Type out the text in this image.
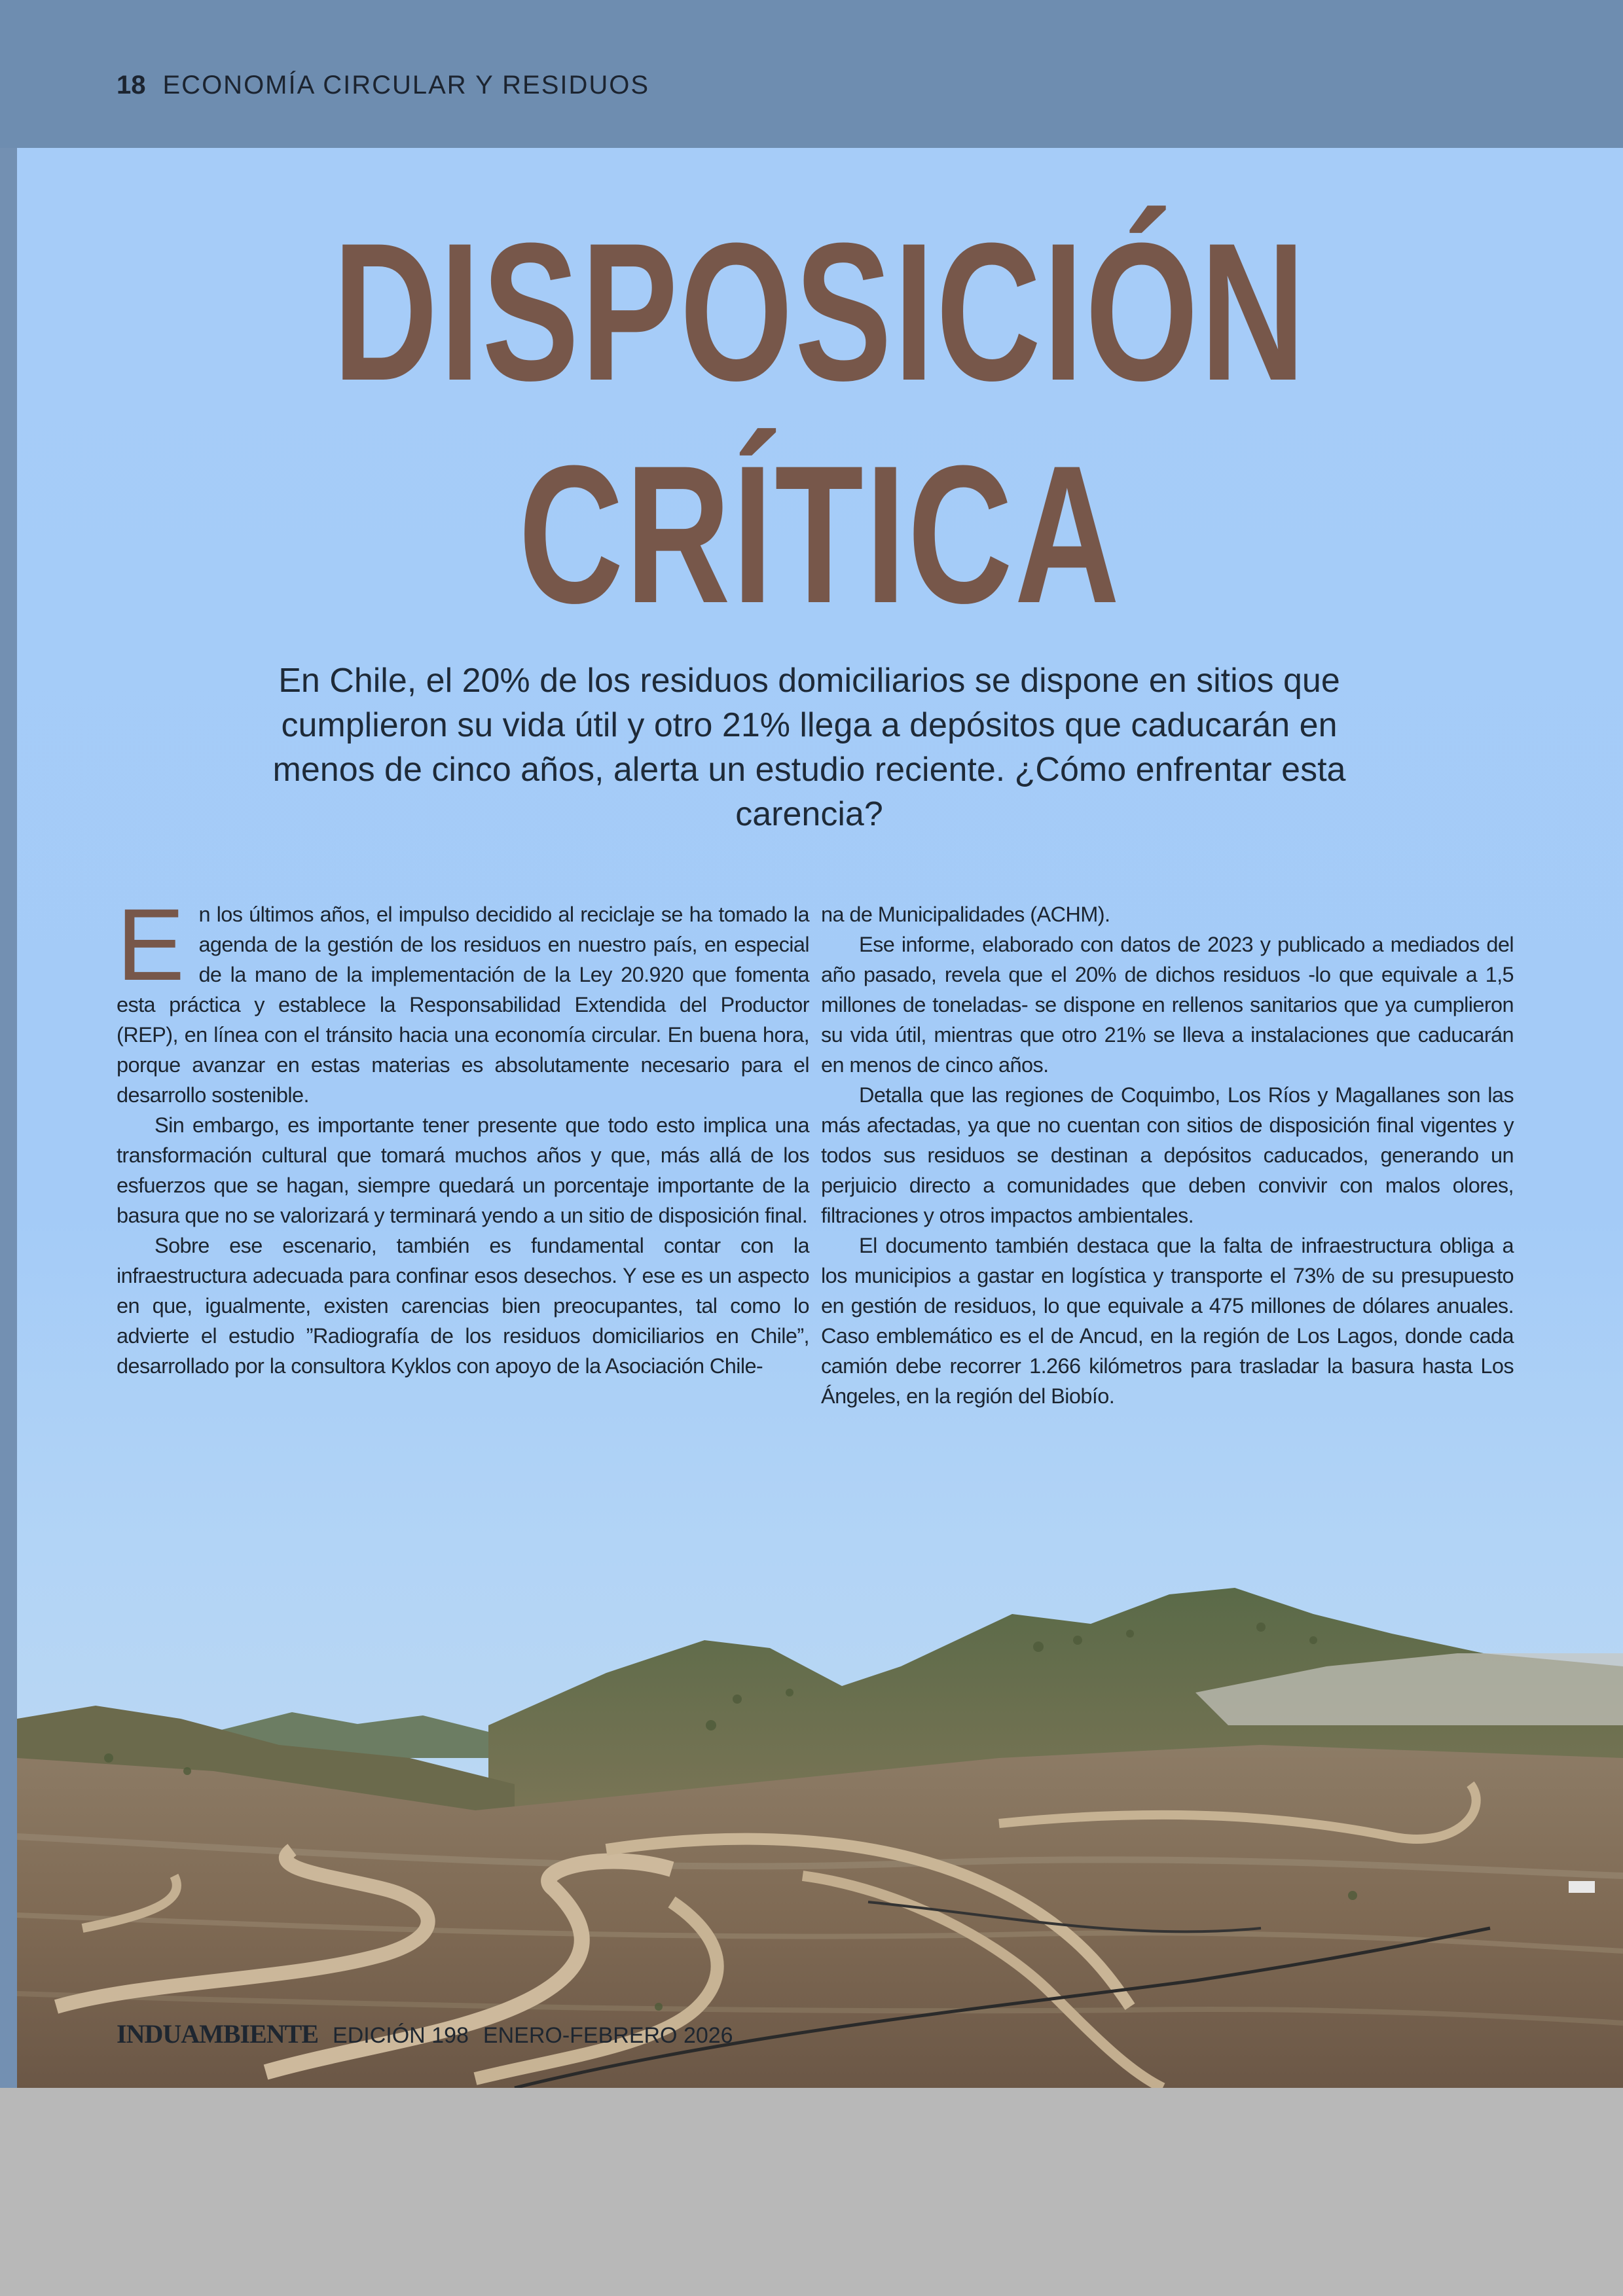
18 ECONOMÍA CIRCULAR Y RESIDUOS
DISPOSICIÓN
CRÍTICA
En Chile, el 20% de los residuos domiciliarios se dispone en sitios que cumplieron su vida útil y otro 21% llega a depósitos que caducarán en menos de cinco años, alerta un estudio reciente. ¿Cómo enfrentar esta carencia?

En los últimos años, el impulso decidido al reciclaje se ha tomado la agenda de la gestión de los residuos en nuestro país, en especial de la mano de la implementación de la Ley 20.920 que fomenta esta práctica y establece la Responsabilidad Extendida del Productor (REP), en línea con el tránsito hacia una economía circular. En buena hora, porque avanzar en estas materias es absolutamente necesario para el desarrollo sostenible.

Sin embargo, es importante tener presente que todo esto implica una transformación cultural que tomará muchos años y que, más allá de los esfuerzos que se hagan, siempre quedará un porcentaje importante de la basura que no se valorizará y terminará yendo a un sitio de disposición final.

Sobre ese escenario, también es fundamental contar con la infraestructura adecuada para confinar esos desechos. Y ese es un aspecto en que, igualmente, existen carencias bien preocupantes, tal como lo advierte el estudio ”Radiografía de los residuos domiciliarios en Chile”, desarrollado por la consultora Kyklos con apoyo de la Asociación Chile-

na de Municipalidades (ACHM).

Ese informe, elaborado con datos de 2023 y publicado a mediados del año pasado, revela que el 20% de dichos residuos -lo que equivale a 1,5 millones de toneladas- se dispone en rellenos sanitarios que ya cumplieron su vida útil, mientras que otro 21% se lleva a instalaciones que caducarán en menos de cinco años.

Detalla que las regiones de Coquimbo, Los Ríos y Magallanes son las más afectadas, ya que no cuentan con sitios de disposición final vigentes y todos sus residuos se destinan a depósitos caducados, generando un perjuicio directo a comunidades que deben convivir con malos olores, filtraciones y otros impactos ambientales.

El documento también destaca que la falta de infraestructura obliga a los municipios a gastar en logística y transporte el 73% de su presupuesto en gestión de residuos, lo que equivale a 475 millones de dólares anuales. Caso emblemático es el de Ancud, en la región de Los Lagos, donde cada camión debe recorrer 1.266 kilómetros para trasladar la basura hasta Los Ángeles, en la región del Biobío.

INDUAMBIENTE EDICIÓN 198 ENERO-FEBRERO 2026
